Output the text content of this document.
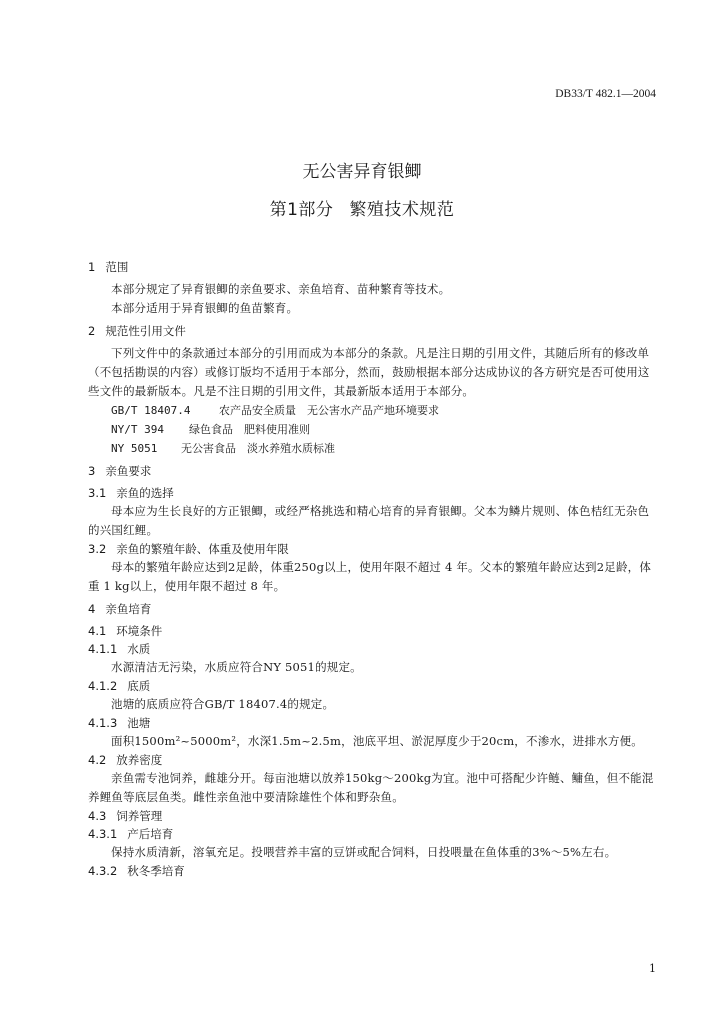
DB33/T 482.1—2004
无公害异育银鲫
第1部分 繁殖技术规范
1 范围
本部分规定了异育银鲫的亲鱼要求、亲鱼培育、苗种繁育等技术。
本部分适用于异育银鲫的鱼苗繁育。
2 规范性引用文件
下列文件中的条款通过本部分的引用而成为本部分的条款。凡是注日期的引用文件，其随后所有的修改单（不包括勘误的内容）或修订版均不适用于本部分，然而，鼓励根据本部分达成协议的各方研究是否可使用这些文件的最新版本。凡是不注日期的引用文件，其最新版本适用于本部分。
GB/T 18407.4	农产品安全质量　无公害水产品产地环境要求
NY/T 394 绿色食品　肥料使用准则
NY 5051 无公害食品　淡水养殖水质标准
3 亲鱼要求
3.1 亲鱼的选择
母本应为生长良好的方正银鲫，或经严格挑选和精心培育的异育银鲫。父本为鳞片规则、体色桔红无杂色的兴国红鲤。
3.2 亲鱼的繁殖年龄、体重及使用年限
母本的繁殖年龄应达到2足龄，体重250g以上，使用年限不超过 4 年。父本的繁殖年龄应达到2足龄，体重 1 kg以上，使用年限不超过 8 年。
4 亲鱼培育
4.1 环境条件
4.1.1 水质
水源清洁无污染，水质应符合NY 5051的规定。
4.1.2 底质
池塘的底质应符合GB/T 18407.4的规定。
4.1.3 池塘
面积1500m²~5000m²，水深1.5m~2.5m，池底平坦、淤泥厚度少于20cm，不渗水，进排水方便。
4.2 放养密度
亲鱼需专池饲养，雌雄分开。每亩池塘以放养150kg～200kg为宜。池中可搭配少许鲢、鳙鱼，但不能混养鲤鱼等底层鱼类。雌性亲鱼池中要清除雄性个体和野杂鱼。
4.3 饲养管理
4.3.1 产后培育
保持水质清新，溶氧充足。投喂营养丰富的豆饼或配合饲料，日投喂量在鱼体重的3%～5%左右。
4.3.2 秋冬季培育
1
